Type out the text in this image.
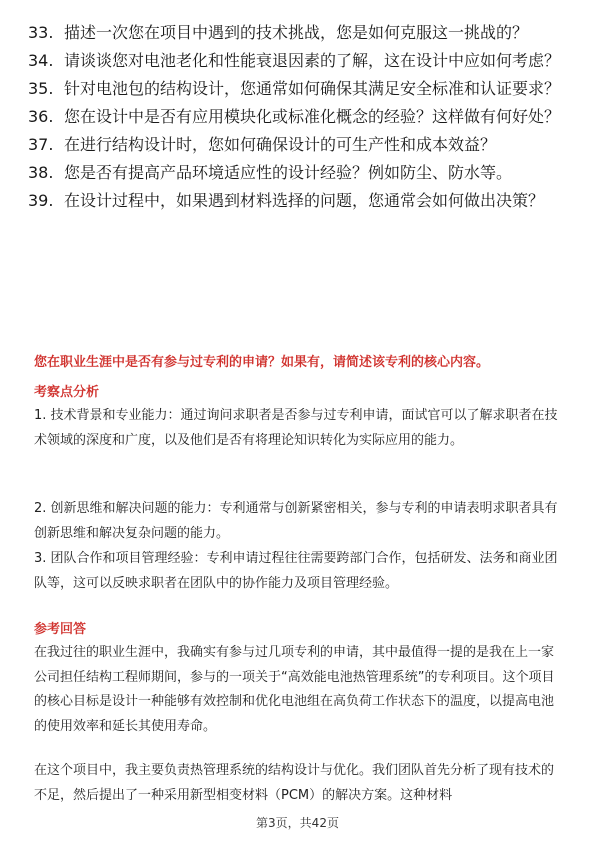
33. 描述一次您在项目中遇到的技术挑战，您是如何克服这一挑战的？
34. 请谈谈您对电池老化和性能衰退因素的了解，这在设计中应如何考虑？
35. 针对电池包的结构设计，您通常如何确保其满足安全标准和认证要求？
36. 您在设计中是否有应用模块化或标准化概念的经验？这样做有何好处？
37. 在进行结构设计时，您如何确保设计的可生产性和成本效益？
38. 您是否有提高产品环境适应性的设计经验？例如防尘、防水等。
39. 在设计过程中，如果遇到材料选择的问题，您通常会如何做出决策？
您在职业生涯中是否有参与过专利的申请？如果有，请简述该专利的核心内容。
考察点分析
1. 技术背景和专业能力：通过询问求职者是否参与过专利申请，面试官可以了解求职者在技术领域的深度和广度，以及他们是否有将理论知识转化为实际应用的能力。
2. 创新思维和解决问题的能力：专利通常与创新紧密相关，参与专利的申请表明求职者具有创新思维和解决复杂问题的能力。
3. 团队合作和项目管理经验：专利申请过程往往需要跨部门合作，包括研发、法务和商业团队等，这可以反映求职者在团队中的协作能力及项目管理经验。
参考回答
在我过往的职业生涯中，我确实有参与过几项专利的申请，其中最值得一提的是我在上一家公司担任结构工程师期间，参与的一项关于“高效能电池热管理系统”的专利项目。这个项目的核心目标是设计一种能够有效控制和优化电池组在高负荷工作状态下的温度，以提高电池的使用效率和延长其使用寿命。
在这个项目中，我主要负责热管理系统的结构设计与优化。我们团队首先分析了现有技术的不足，然后提出了一种采用新型相变材料（PCM）的解决方案。这种材料
第3页，共42页
